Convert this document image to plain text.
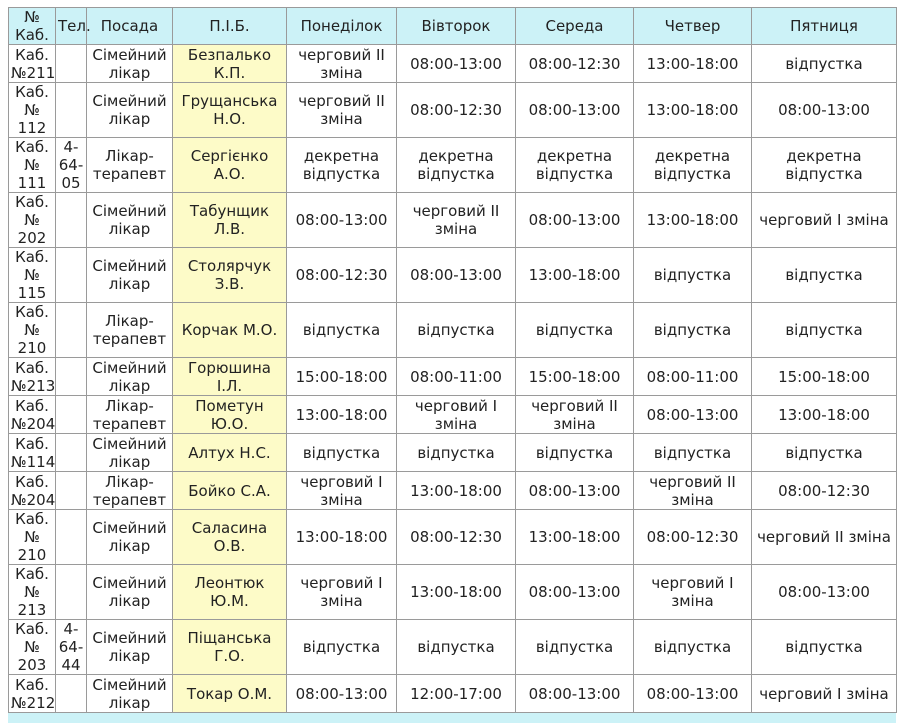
№ Каб.	Тел.	Посада	П.І.Б.	Понеділок	Вівторок	Середа	Четвер	Пятниця
Каб. №211		Сімейний лікар	Безпалько К.П.	черговий ІІ зміна	08:00-13:00	08:00-12:30	13:00-18:00	відпустка
Каб. № 112		Сімейний лікар	Грущанська Н.О.	черговий ІІ зміна	08:00-12:30	08:00-13:00	13:00-18:00	08:00-13:00
Каб. № 111	4-64-05	Лікар-терапевт	Сергієнко А.О.	декретна відпустка	декретна відпустка	декретна відпустка	декретна відпустка	декретна відпустка
Каб. № 202		Сімейний лікар	Табунщик Л.В.	08:00-13:00	черговий ІІ зміна	08:00-13:00	13:00-18:00	черговий І зміна
Каб. № 115		Сімейний лікар	Столярчук З.В.	08:00-12:30	08:00-13:00	13:00-18:00	відпустка	відпустка
Каб. № 210		Лікар-терапевт	Корчак М.О.	відпустка	відпустка	відпустка	відпустка	відпустка
Каб. №213		Сімейний лікар	Горюшина І.Л.	15:00-18:00	08:00-11:00	15:00-18:00	08:00-11:00	15:00-18:00
Каб. №204		Лікар-терапевт	Пометун Ю.О.	13:00-18:00	черговий І зміна	черговий ІІ зміна	08:00-13:00	13:00-18:00
Каб. №114		Сімейний лікар	Алтух Н.С.	відпустка	відпустка	відпустка	відпустка	відпустка
Каб. №204		Лікар-терапевт	Бойко С.А.	черговий І зміна	13:00-18:00	08:00-13:00	черговий ІІ зміна	08:00-12:30
Каб. № 210		Сімейний лікар	Саласина О.В.	13:00-18:00	08:00-12:30	13:00-18:00	08:00-12:30	черговий ІІ зміна
Каб. № 213		Сімейний лікар	Леонтюк Ю.М.	черговий І зміна	13:00-18:00	08:00-13:00	черговий І зміна	08:00-13:00
Каб. № 203	4-64-44	Сімейний лікар	Піщанська Г.О.	відпустка	відпустка	відпустка	відпустка	відпустка
Каб. №212		Сімейний лікар	Токар О.М.	08:00-13:00	12:00-17:00	08:00-13:00	08:00-13:00	черговий І зміна
